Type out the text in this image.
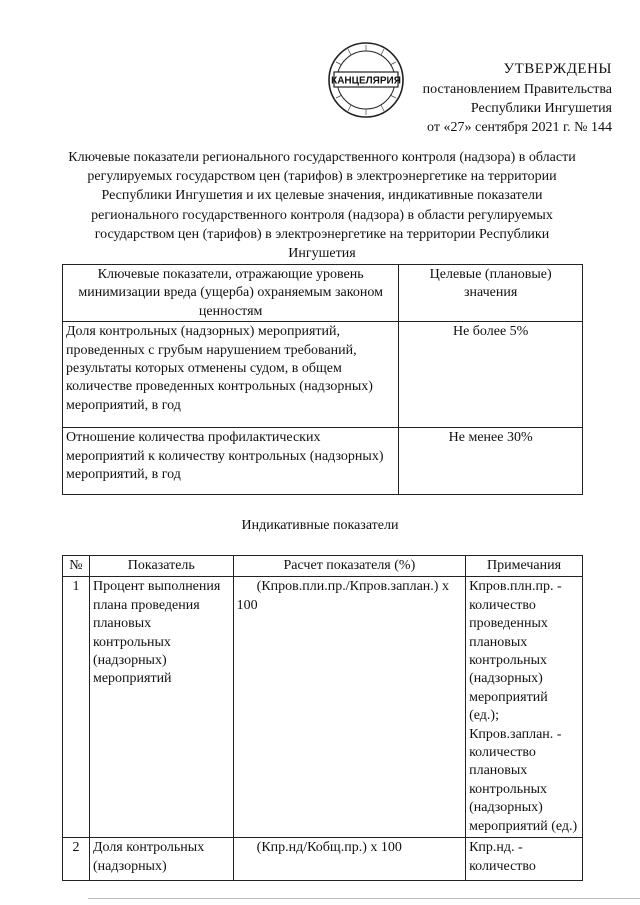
УТВЕРЖДЕНЫ
постановлением Правительства
Республики Ингушетия
от «27» сентября 2021 г. № 144
КАНЦЕЛЯРИЯ
Ключевые показатели регионального государственного контроля (надзора) в области регулируемых государством цен (тарифов) в электроэнергетике на территории Республики Ингушетия и их целевые значения, индикативные показатели регионального государственного контроля (надзора) в области регулируемых государством цен (тарифов) в электроэнергетике на территории Республики Ингушетия
Ключевые показатели, отражающие уровень минимизации вреда (ущерба) охраняемым законом ценностям	Целевые (плановые) значения
Доля контрольных (надзорных) мероприятий, проведенных с грубым нарушением требований, результаты которых отменены судом, в общем количестве проведенных контрольных (надзорных) мероприятий, в год	Не более 5%
Отношение количества профилактических мероприятий к количеству контрольных (надзорных) мероприятий, в год	Не менее 30%
Индикативные показатели
№	Показатель	Расчет показателя (%)	Примечания
1	Процент выполнения плана проведения плановых контрольных (надзорных) мероприятий	(Кпров.пли.пр./Кпров.заплан.) x 100	Кпров.плн.пр. - количество проведенных плановых контрольных (надзорных) мероприятий (ед.);
Кпров.заплан. - количество плановых контрольных (надзорных) мероприятий (ед.)

2	Доля контрольных (надзорных)	(Кпр.нд/Кобщ.пр.) x 100	Кпр.нд. - количество
